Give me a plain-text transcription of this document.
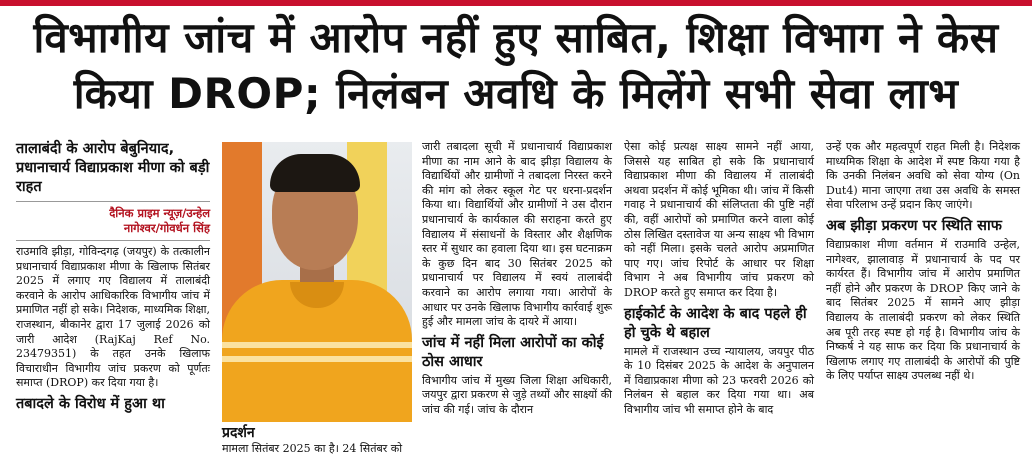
विभागीय जांच में आरोप नहीं हुए साबित, शिक्षा विभाग ने केस
किया DROP; निलंबन अवधि के मिलेंगे सभी सेवा लाभ
तालाबंदी के आरोप बेबुनियाद, प्रधानाचार्य विद्याप्रकाश मीणा को बड़ी राहत
दैनिक प्राइम न्यूज़/उन्हेल
नागेश्वर/गोवर्धन सिंह
राउमावि झीड़ा, गोविन्दगढ़ (जयपुर) के तत्कालीन प्रधानाचार्य विद्याप्रकाश मीणा के खिलाफ सितंबर 2025 में लगाए गए विद्यालय में तालाबंदी करवाने के आरोप आधिकारिक विभागीय जांच में प्रमाणित नहीं हो सके। निदेशक, माध्यमिक शिक्षा, राजस्थान, बीकानेर द्वारा 17 जुलाई 2026 को जारी आदेश (RajKaj Ref No. 23479351) के तहत उनके खिलाफ विचाराधीन विभागीय जांच प्रकरण को पूर्णतः समाप्त (DROP) कर दिया गया है।
तबादले के विरोध में हुआ था
प्रदर्शन
मामला सितंबर 2025 का है। 24 सितंबर को
जारी तबादला सूची में प्रधानाचार्य विद्याप्रकाश मीणा का नाम आने के बाद झीड़ा विद्यालय के विद्यार्थियों और ग्रामीणों ने तबादला निरस्त करने की मांग को लेकर स्कूल गेट पर धरना-प्रदर्शन किया था। विद्यार्थियों और ग्रामीणों ने उस दौरान प्रधानाचार्य के कार्यकाल की सराहना करते हुए विद्यालय में संसाधनों के विस्तार और शैक्षणिक स्तर में सुधार का हवाला दिया था। इस घटनाक्रम के कुछ दिन बाद 30 सितंबर 2025 को प्रधानाचार्य पर विद्यालय में स्वयं तालाबंदी करवाने का आरोप लगाया गया। आरोपों के आधार पर उनके खिलाफ विभागीय कार्रवाई शुरू हुई और मामला जांच के दायरे में आया।
जांच में नहीं मिला आरोपों का कोई ठोस आधार
विभागीय जांच में मुख्य जिला शिक्षा अधिकारी, जयपुर द्वारा प्रकरण से जुड़े तथ्यों और साक्ष्यों की जांच की गई। जांच के दौरान
ऐसा कोई प्रत्यक्ष साक्ष्य सामने नहीं आया, जिससे यह साबित हो सके कि प्रधानाचार्य विद्याप्रकाश मीणा की विद्यालय में तालाबंदी अथवा प्रदर्शन में कोई भूमिका थी। जांच में किसी गवाह ने प्रधानाचार्य की संलिप्तता की पुष्टि नहीं की, वहीं आरोपों को प्रमाणित करने वाला कोई ठोस लिखित दस्तावेज या अन्य साक्ष्य भी विभाग को नहीं मिला। इसके चलते आरोप अप्रमाणित पाए गए। जांच रिपोर्ट के आधार पर शिक्षा विभाग ने अब विभागीय जांच प्रकरण को DROP करते हुए समाप्त कर दिया है।
हाईकोर्ट के आदेश के बाद पहले ही हो चुके थे बहाल
मामले में राजस्थान उच्च न्यायालय, जयपुर पीठ के 10 दिसंबर 2025 के आदेश के अनुपालन में विद्याप्रकाश मीणा को 23 फरवरी 2026 को निलंबन से बहाल कर दिया गया था। अब विभागीय जांच भी समाप्त होने के बाद
उन्हें एक और महत्वपूर्ण राहत मिली है। निदेशक माध्यमिक शिक्षा के आदेश में स्पष्ट किया गया है कि उनकी निलंबन अवधि को सेवा योग्य (On Dut4) माना जाएगा तथा उस अवधि के समस्त सेवा परिलाभ उन्हें प्रदान किए जाएंगे।
अब झीड़ा प्रकरण पर स्थिति साफ
विद्याप्रकाश मीणा वर्तमान में राउमावि उन्हेल, नागेश्वर, झालावाड़ में प्रधानाचार्य के पद पर कार्यरत हैं। विभागीय जांच में आरोप प्रमाणित नहीं होने और प्रकरण के DROP किए जाने के बाद सितंबर 2025 में सामने आए झीड़ा विद्यालय के तालाबंदी प्रकरण को लेकर स्थिति अब पूरी तरह स्पष्ट हो गई है। विभागीय जांच के निष्कर्ष ने यह साफ कर दिया कि प्रधानाचार्य के खिलाफ लगाए गए तालाबंदी के आरोपों की पुष्टि के लिए पर्याप्त साक्ष्य उपलब्ध नहीं थे।
